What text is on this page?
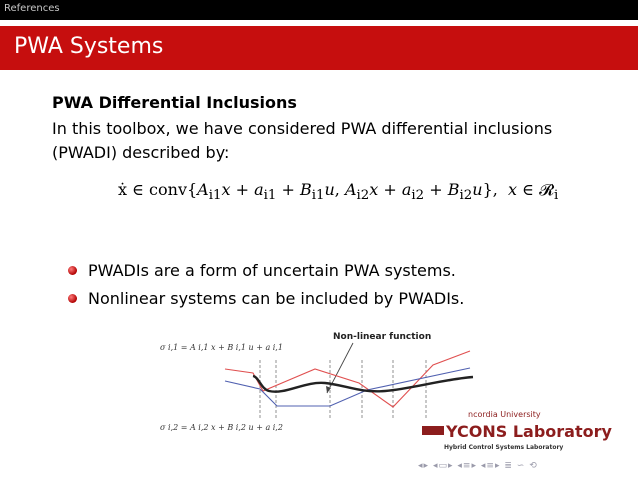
References
PWA Systems
PWA Differential Inclusions
In this toolbox, we have considered PWA differential inclusions (PWADI) described by:
ẋ ∈ $conv\{A_{i1}x + a_{i1} + B_{i1}u$, $A_{i2}x + a_{i2} + B_{i2}u$},  x ∈ 𝓡$_i$
PWADIs are a form of uncertain PWA systems.
Nonlinear systems can be included by PWADIs.
Non-linear function
σ i,1 = A i,1 x + B i,1 u + a i,1
σ i,2 = A i,2 x + B i,2 u + a i,2
ncordia University
YCONS Laboratory
Hybrid Control Systems Laboratory
◂▸ ◂▭▸ ◂≡▸ ◂≡▸ ≣ ∽ ⟲
